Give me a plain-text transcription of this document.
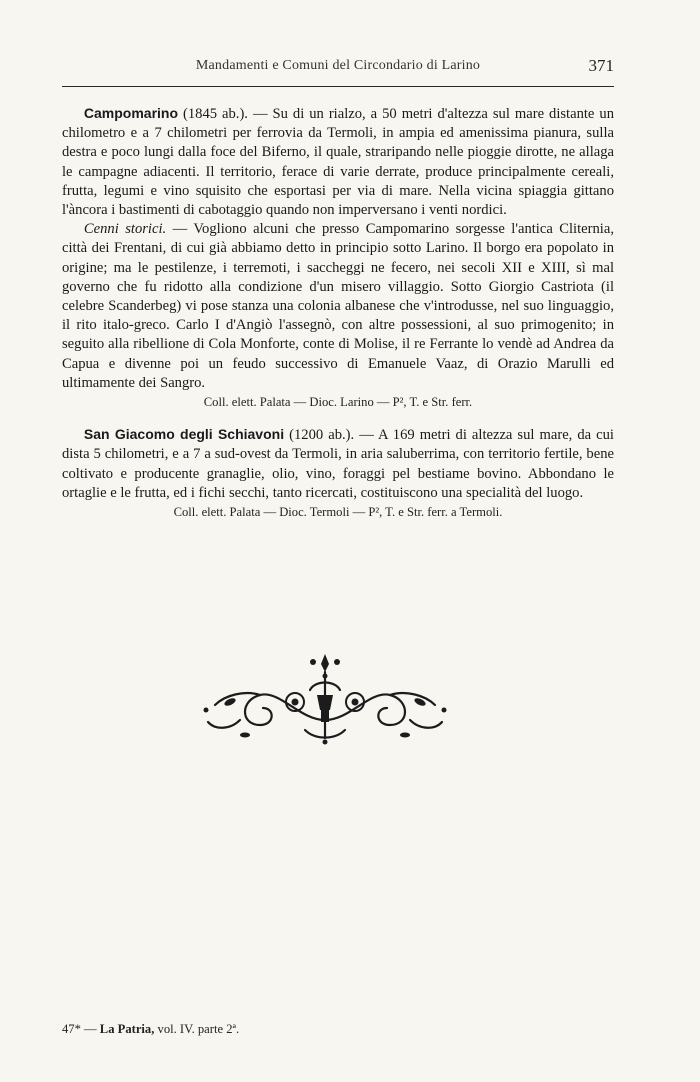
Mandamenti e Comuni del Circondario di Larino	371

Campomarino (1845 ab.). — Su di un rialzo, a 50 metri d'altezza sul mare distante un chilometro e a 7 chilometri per ferrovia da Termoli, in ampia ed amenissima pianura, sulla destra e poco lungi dalla foce del Biferno, il quale, straripando nelle pioggie dirotte, ne allaga le campagne adiacenti. Il territorio, ferace di varie derrate, produce principalmente cereali, frutta, legumi e vino squisito che esportasi per via di mare. Nella vicina spiaggia gittano l'àncora i bastimenti di cabotaggio quando non imperversano i venti nordici.

Cenni storici. — Vogliono alcuni che presso Campomarino sorgesse l'antica Cliternia, città dei Frentani, di cui già abbiamo detto in principio sotto Larino. Il borgo era popolato in origine; ma le pestilenze, i terremoti, i saccheggi ne fecero, nei secoli XII e XIII, sì mal governo che fu ridotto alla condizione d'un misero villaggio. Sotto Giorgio Castriota (il celebre Scanderbeg) vi pose stanza una colonia albanese che v'introdusse, nel suo linguaggio, il rito italo-greco. Carlo I d'Angiò l'assegnò, con altre possessioni, al suo primogenito; in seguito alla ribellione di Cola Monforte, conte di Molise, il re Ferrante lo vendè ad Andrea da Capua e divenne poi un feudo successivo di Emanuele Vaaz, di Orazio Marulli ed ultimamente dei Sangro.

Coll. elett. Palata — Dioc. Larino — P², T. e Str. ferr.

San Giacomo degli Schiavoni (1200 ab.). — A 169 metri di altezza sul mare, da cui dista 5 chilometri, e a 7 a sud-ovest da Termoli, in aria saluberrima, con territorio fertile, bene coltivato e producente granaglie, olio, vino, foraggi pel bestiame bovino. Abbondano le ortaglie e le frutta, ed i fichi secchi, tanto ricercati, costituiscono una specialità del luogo.

Coll. elett. Palata — Dioc. Termoli — P², T. e Str. ferr. a Termoli.

47* — La Patria, vol. IV. parte 2ª.
